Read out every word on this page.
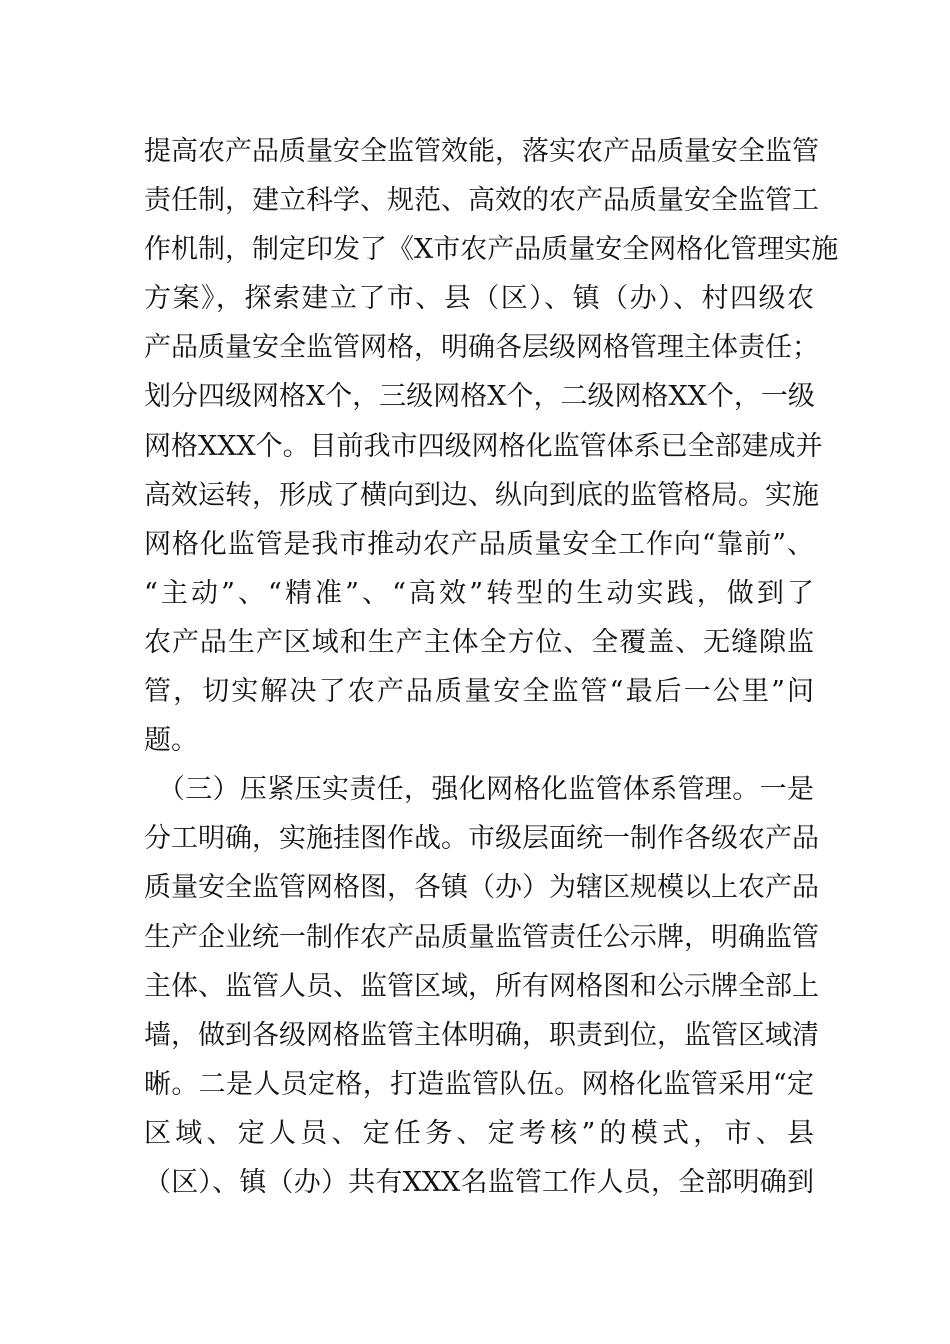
提高农产品质量安全监管效能，落实农产品质量安全监管
责任制，建立科学、规范、高效的农产品质量安全监管工
作机制，制定印发了《X市农产品质量安全网格化管理实施
方案》，探索建立了市、县（区）、镇（办）、村四级农
产品质量安全监管网格，明确各层级网格管理主体责任；
划分四级网格X个，三级网格X个，二级网格XX个，一级
网格XXX个。目前我市四级网格化监管体系已全部建成并
高效运转，形成了横向到边、纵向到底的监管格局。实施
网格化监管是我市推动农产品质量安全工作向“靠前”、
“主动”、“精准”、“高效”转型的生动实践，做到了
农产品生产区域和生产主体全方位、全覆盖、无缝隙监
管，切实解决了农产品质量安全监管“最后一公里”问
题。
　（三）压紧压实责任，强化网格化监管体系管理。一是
分工明确，实施挂图作战。市级层面统一制作各级农产品
质量安全监管网格图，各镇（办）为辖区规模以上农产品
生产企业统一制作农产品质量监管责任公示牌，明确监管
主体、监管人员、监管区域，所有网格图和公示牌全部上
墙，做到各级网格监管主体明确，职责到位，监管区域清
晰。二是人员定格，打造监管队伍。网格化监管采用“定
区域、定人员、定任务、定考核”的模式，市、县
（区）、镇（办）共有XXX名监管工作人员，全部明确到
